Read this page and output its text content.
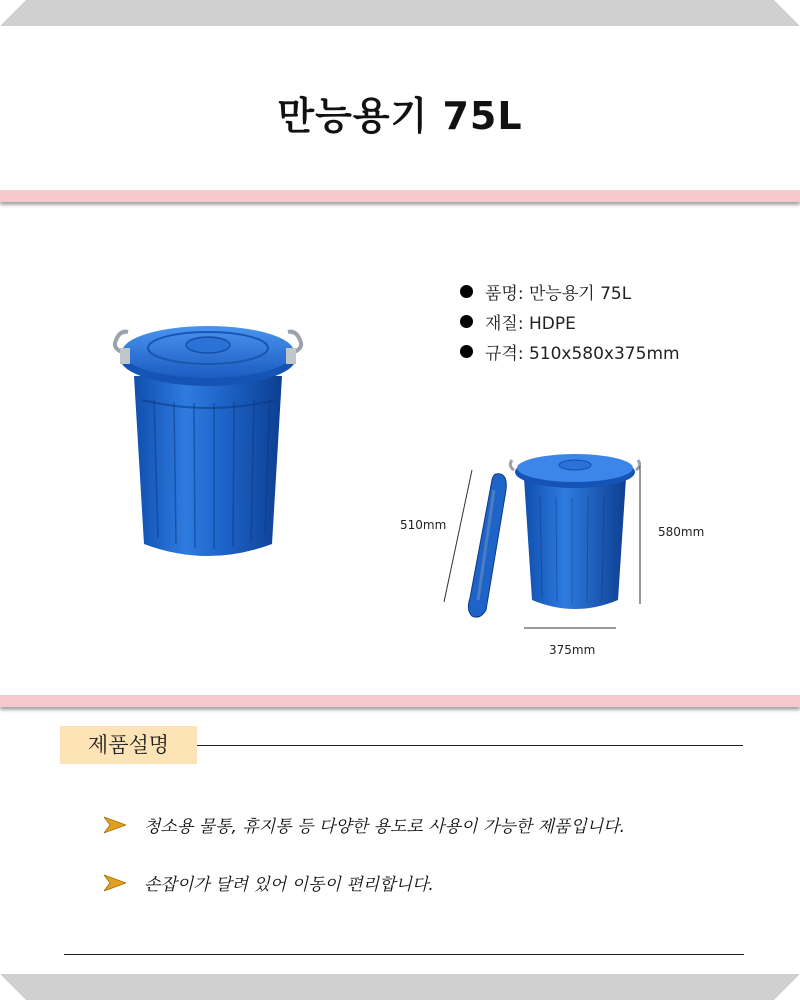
만능용기 75L
품명: 만능용기 75L
재질: HDPE
규격: 510x580x375mm
510mm	580mm
375mm
제품설명
청소용 물통, 휴지통 등 다양한 용도로 사용이 가능한 제품입니다.
손잡이가 달려 있어 이동이 편리합니다.
